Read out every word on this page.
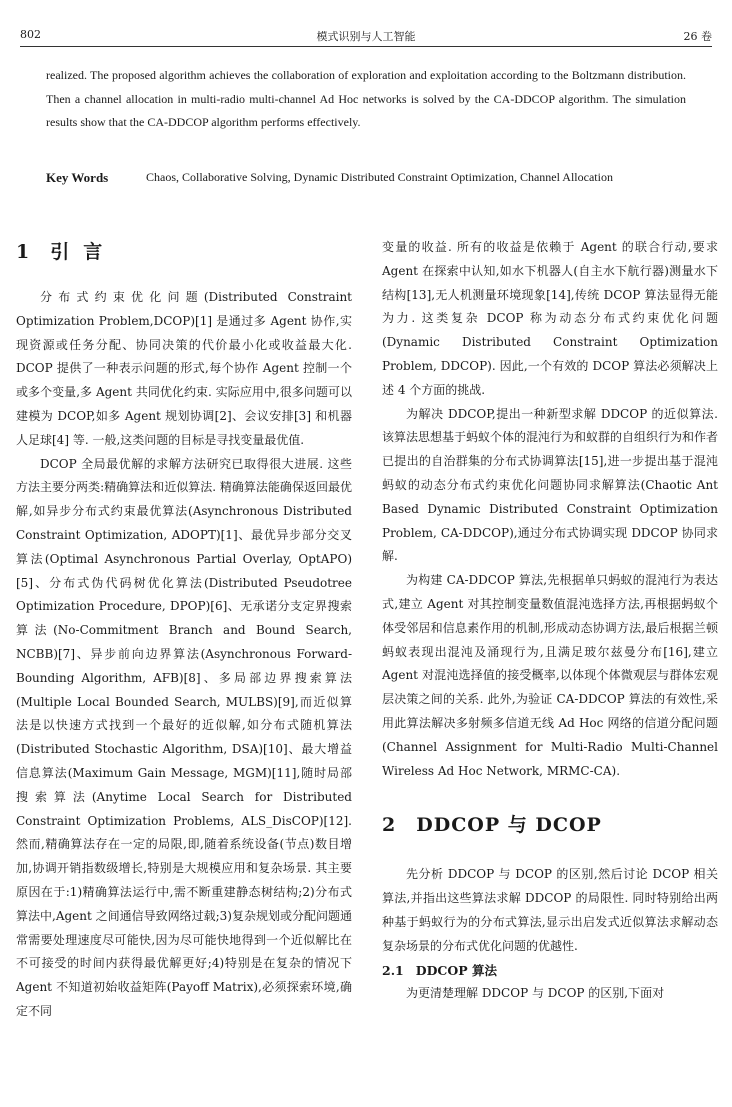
802	模式识别与人工智能	26 卷
realized. The proposed algorithm achieves the collaboration of exploration and exploitation according to the Boltzmann distribution. Then a channel allocation in multi-radio multi-channel Ad Hoc networks is solved by the CA-DDCOP algorithm. The simulation results show that the CA-DDCOP algorithm performs effectively.
Key Words	Chaos, Collaborative Solving, Dynamic Distributed Constraint Optimization, Channel Allocation
1 引言

分布式约束优化问题(Distributed Constraint Optimization Problem,DCOP)[1] 是通过多 Agent 协作,实现资源或任务分配、协同决策的代价最小化或收益最大化. DCOP 提供了一种表示问题的形式,每个协作 Agent 控制一个或多个变量,多 Agent 共同优化约束. 实际应用中,很多问题可以建模为 DCOP,如多 Agent 规划协调[2]、会议安排[3] 和机器人足球[4] 等. 一般,这类问题的目标是寻找变量最优值.

DCOP 全局最优解的求解方法研究已取得很大进展. 这些方法主要分两类:精确算法和近似算法. 精确算法能确保返回最优解,如异步分布式约束最优算法(Asynchronous Distributed Constraint Optimization, ADOPT)[1]、最优异步部分交叉算法(Optimal Asynchronous Partial Overlay, OptAPO)[5]、分布式伪代码树优化算法(Distributed Pseudotree Optimization Procedure, DPOP)[6]、无承诺分支定界搜索算法(No-Commitment Branch and Bound Search, NCBB)[7]、异步前向边界算法(Asynchronous Forward-Bounding Algorithm, AFB)[8]、多局部边界搜索算法(Multiple Local Bounded Search, MULBS)[9],而近似算法是以快速方式找到一个最好的近似解,如分布式随机算法(Distributed Stochastic Algorithm, DSA)[10]、最大增益信息算法(Maximum Gain Message, MGM)[11],随时局部搜索算法(Anytime Local Search for Distributed Constraint Optimization Problems, ALS_DisCOP)[12]. 然而,精确算法存在一定的局限,即,随着系统设备(节点)数目增加,协调开销指数级增长,特别是大规模应用和复杂场景. 其主要原因在于:1)精确算法运行中,需不断重建静态树结构;2)分布式算法中,Agent 之间通信导致网络过载;3)复杂规划或分配问题通常需要处理速度尽可能快,因为尽可能快地得到一个近似解比在不可接受的时间内获得最优解更好;4)特别是在复杂的情况下 Agent 不知道初始收益矩阵(Payoff Matrix),必须探索环境,确定不同

变量的收益. 所有的收益是依赖于 Agent 的联合行动,要求 Agent 在探索中认知,如水下机器人(自主水下航行器)测量水下结构[13],无人机测量环境现象[14],传统 DCOP 算法显得无能为力. 这类复杂 DCOP 称为动态分布式约束优化问题(Dynamic Distributed Constraint Optimization Problem, DDCOP). 因此,一个有效的 DCOP 算法必须解决上述 4 个方面的挑战.

为解决 DDCOP,提出一种新型求解 DDCOP 的近似算法. 该算法思想基于蚂蚁个体的混沌行为和蚁群的自组织行为和作者已提出的自治群集的分布式协调算法[15],进一步提出基于混沌蚂蚁的动态分布式约束优化问题协同求解算法(Chaotic Ant Based Dynamic Distributed Constraint Optimization Problem, CA-DDCOP),通过分布式协调实现 DDCOP 协同求解.

为构建 CA-DDCOP 算法,先根据单只蚂蚁的混沌行为表达式,建立 Agent 对其控制变量数值混沌选择方法,再根据蚂蚁个体受邻居和信息素作用的机制,形成动态协调方法,最后根据兰顿蚂蚁表现出混沌及涌现行为,且满足玻尔兹曼分布[16],建立 Agent 对混沌选择值的接受概率,以体现个体微观层与群体宏观层决策之间的关系. 此外,为验证 CA-DDCOP 算法的有效性,采用此算法解决多射频多信道无线 Ad Hoc 网络的信道分配问题(Channel Assignment for Multi-Radio Multi-Channel Wireless Ad Hoc Network, MRMC-CA).

2 DDCOP 与 DCOP

先分析 DDCOP 与 DCOP 的区别,然后讨论 DCOP 相关算法,并指出这些算法求解 DDCOP 的局限性. 同时特别给出两种基于蚂蚁行为的分布式算法,显示出启发式近似算法求解动态复杂场景的分布式优化问题的优越性.

2.1 DDCOP 算法

为更清楚理解 DDCOP 与 DCOP 的区别,下面对
